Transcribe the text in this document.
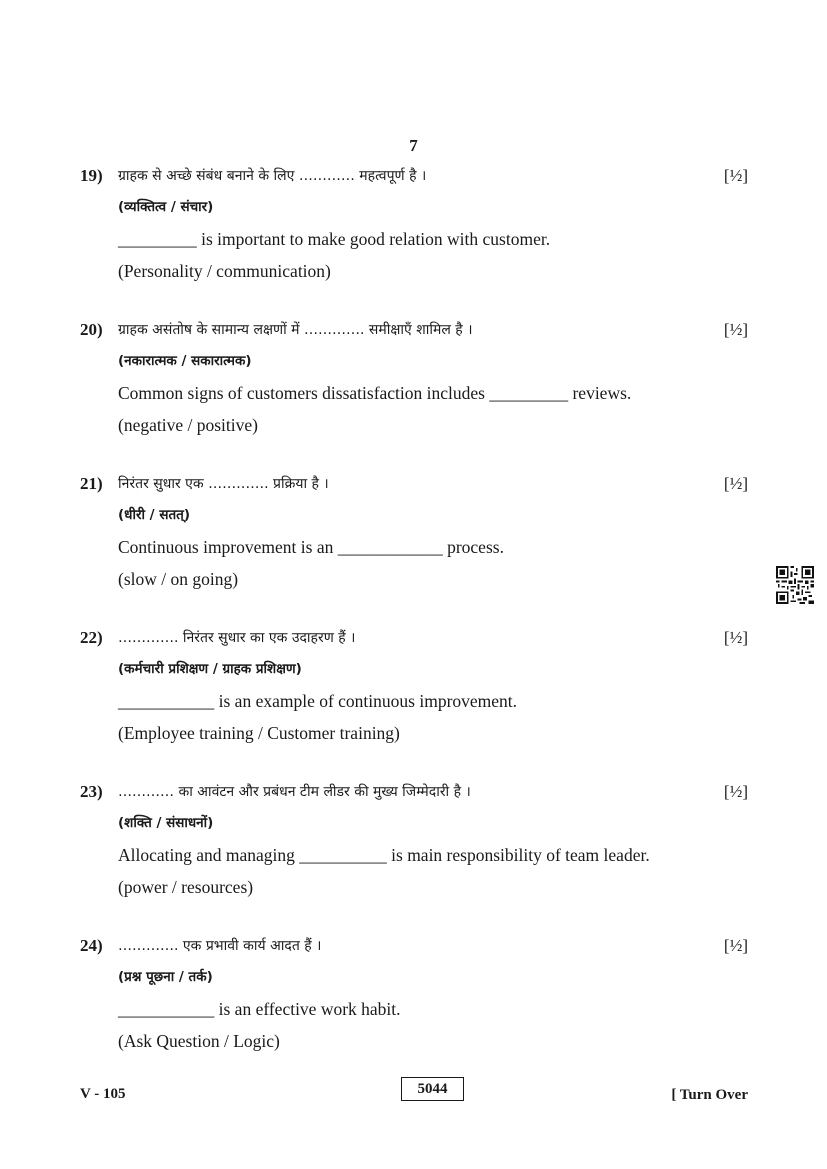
7
19) ग्राहक से अच्छे संबंध बनाने के लिए ………… महत्वपूर्ण है ।	[½]
(व्यक्तित्व / संचार)
_________ is important to make good relation with customer.
(Personality / communication)
20) ग्राहक असंतोष के सामान्य लक्षणों में …………. समीक्षाएँ शामिल है ।	[½]
(नकारात्मक / सकारात्मक)
Common signs of customers dissatisfaction includes _________ reviews.
(negative / positive)
21) निरंतर सुधार एक …………. प्रक्रिया है ।	[½]
(धीरी / सतत्)
Continuous improvement is an ____________ process.
(slow / on going)
22) …………. निरंतर सुधार का एक उदाहरण हैं ।	[½]
(कर्मचारी प्रशिक्षण / ग्राहक प्रशिक्षण)
___________ is an example of continuous improvement.
(Employee training / Customer training)
23) ………… का आवंटन और प्रबंधन टीम लीडर की मुख्य जिम्मेदारी है ।	[½]
(शक्ति / संसाधनों)
Allocating and managing __________ is main responsibility of team leader.
(power / resources)
24) …………. एक प्रभावी कार्य आदत हैं ।	[½]
(प्रश्न पूछना / तर्क)
___________ is an effective work habit.
(Ask Question / Logic)
V - 105	5044	[ Turn Over
